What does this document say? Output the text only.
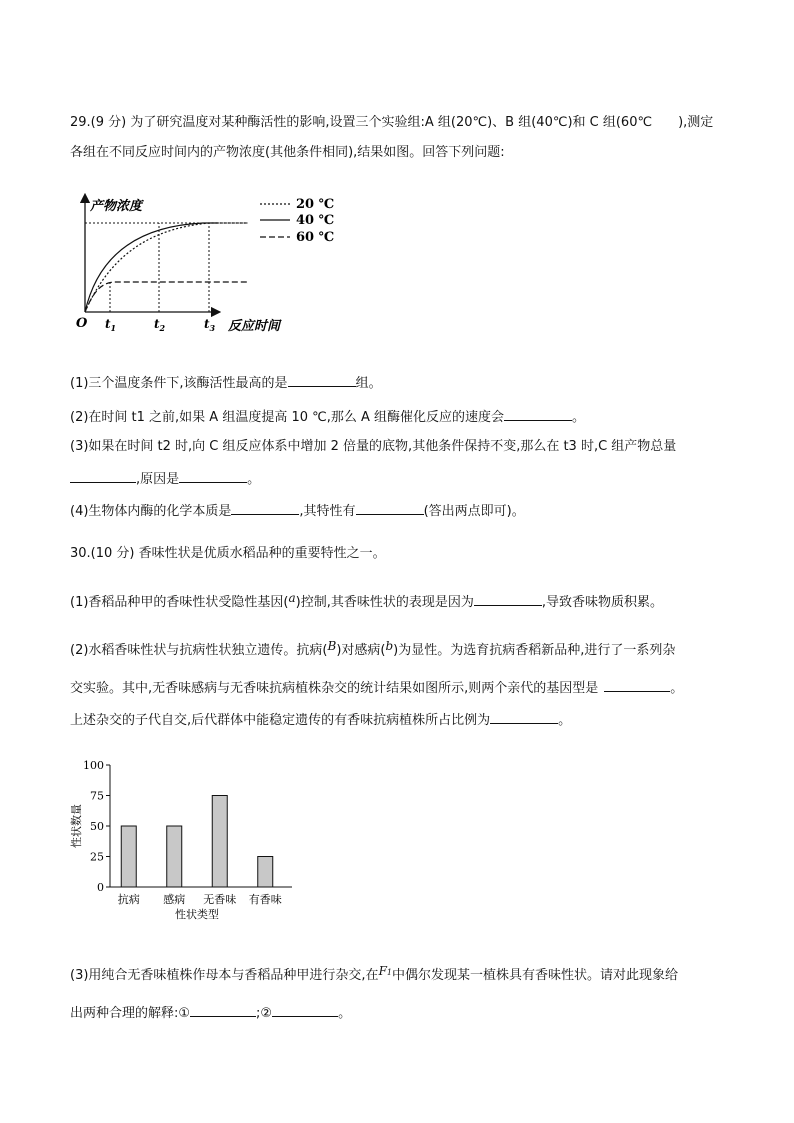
29.(9 分) 为了研究温度对某种酶活性的影响,设置三个实验组:A 组(20℃)、B 组(40℃)和 C 组(60℃　　),测定
各组在不同反应时间内的产物浓度(其他条件相同),结果如图。回答下列问题:
产物浓度
反应时间
O $t_1$	$t_2$	$t_3$
20 ℃
40 ℃
60 ℃
(1)三个温度条件下,该酶活性最高的是	组。
(2)在时间 t1 之前,如果 A 组温度提高 10 ℃,那么 A 组酶催化反应的速度会	。
(3)如果在时间 t2 时,向 C 组反应体系中增加 2 倍量的底物,其他条件保持不变,那么在 t3 时,C 组产物总量
,原因是	。
(4)生物体内酶的化学本质是	,其特性有	(答出两点即可)。
30.(10 分) 香味性状是优质水稻品种的重要特性之一。
(1)香稻品种甲的香味性状受隐性基因(a)控制,其香味性状的表现是因为	,导致香味物质积累。
(2)水稻香味性状与抗病性状独立遗传。抗病(B)对感病(b)为显性。为选育抗病香稻新品种,进行了一系列杂
交实验。其中,无香味感病与无香味抗病植株杂交的统计结果如图所示,则两个亲代的基因型是	。
上述杂交的子代自交,后代群体中能稳定遗传的有香味抗病植株所占比例为	。
0
25
50
75
100
性状数量
抗病 感病 无香味 有香味
性状类型
(3)用纯合无香味植株作母本与香稻品种甲进行杂交,在F1中偶尔发现某一植株具有香味性状。请对此现象给
出两种合理的解释:①	;②	。
